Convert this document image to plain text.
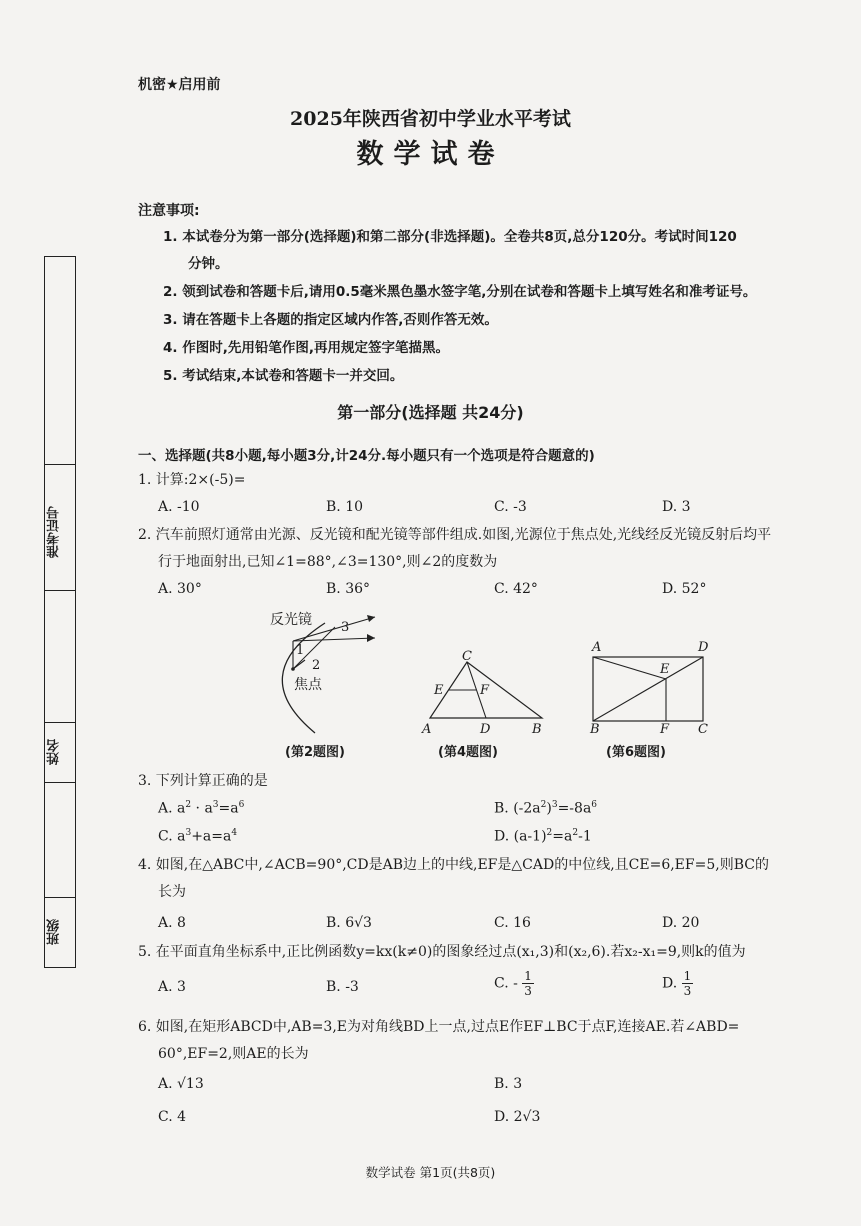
机密★启用前
2025年陕西省初中学业水平考试
数学试卷
注意事项:
1. 本试卷分为第一部分(选择题)和第二部分(非选择题)。全卷共8页,总分120分。考试时间120
分钟。
2. 领到试卷和答题卡后,请用0.5毫米黑色墨水签字笔,分别在试卷和答题卡上填写姓名和准考证号。
3. 请在答题卡上各题的指定区域内作答,否则作答无效。
4. 作图时,先用铅笔作图,再用规定签字笔描黑。
5. 考试结束,本试卷和答题卡一并交回。
准考证号
姓名
班级
第一部分(选择题 共24分)
一、选择题(共8小题,每小题3分,计24分.每小题只有一个选项是符合题意的)
1. 计算:2×(-5)=
A. -10	B. 10	C. -3	D. 3
2. 汽车前照灯通常由光源、反光镜和配光镜等部件组成.如图,光源位于焦点处,光线经反光镜反射后均平
行于地面射出,已知∠1=88°,∠3=130°,则∠2的度数为
A. 30°	B. 36°	C. 42°	D. 52°
反光镜 3
1
2
焦点
(第2题图)
C
E	F
A	D	B
(第4题图)
A	D
E
B	F C
(第6题图)
3. 下列计算正确的是
A. $a^2 \cdot a^3=a^6$	B. $(-2a^2)^3=-8a^6$
C. $a^3+a=a^4$	D. $(a-1)^2=a^2-1$
4. 如图,在△ABC中,∠ACB=90°,CD是AB边上的中线,EF是△CAD的中位线,且CE=6,EF=5,则BC的
长为
A. 8	B. 6√3	C. 16	D. 20
5. 在平面直角坐标系中,正比例函数y=kx(k≠0)的图象经过点(x₁,3)和(x₂,6).若x₂-x₁=9,则k的值为
A. 3	B. -3	C. - $\frac{1}{3}$	D. $\frac{1}{3}$
6. 如图,在矩形ABCD中,AB=3,E为对角线BD上一点,过点E作EF⊥BC于点F,连接AE.若∠ABD=
60°,EF=2,则AE的长为
A. √13	B. 3
C. 4	D. 2√3
数学试卷 第1页(共8页)
